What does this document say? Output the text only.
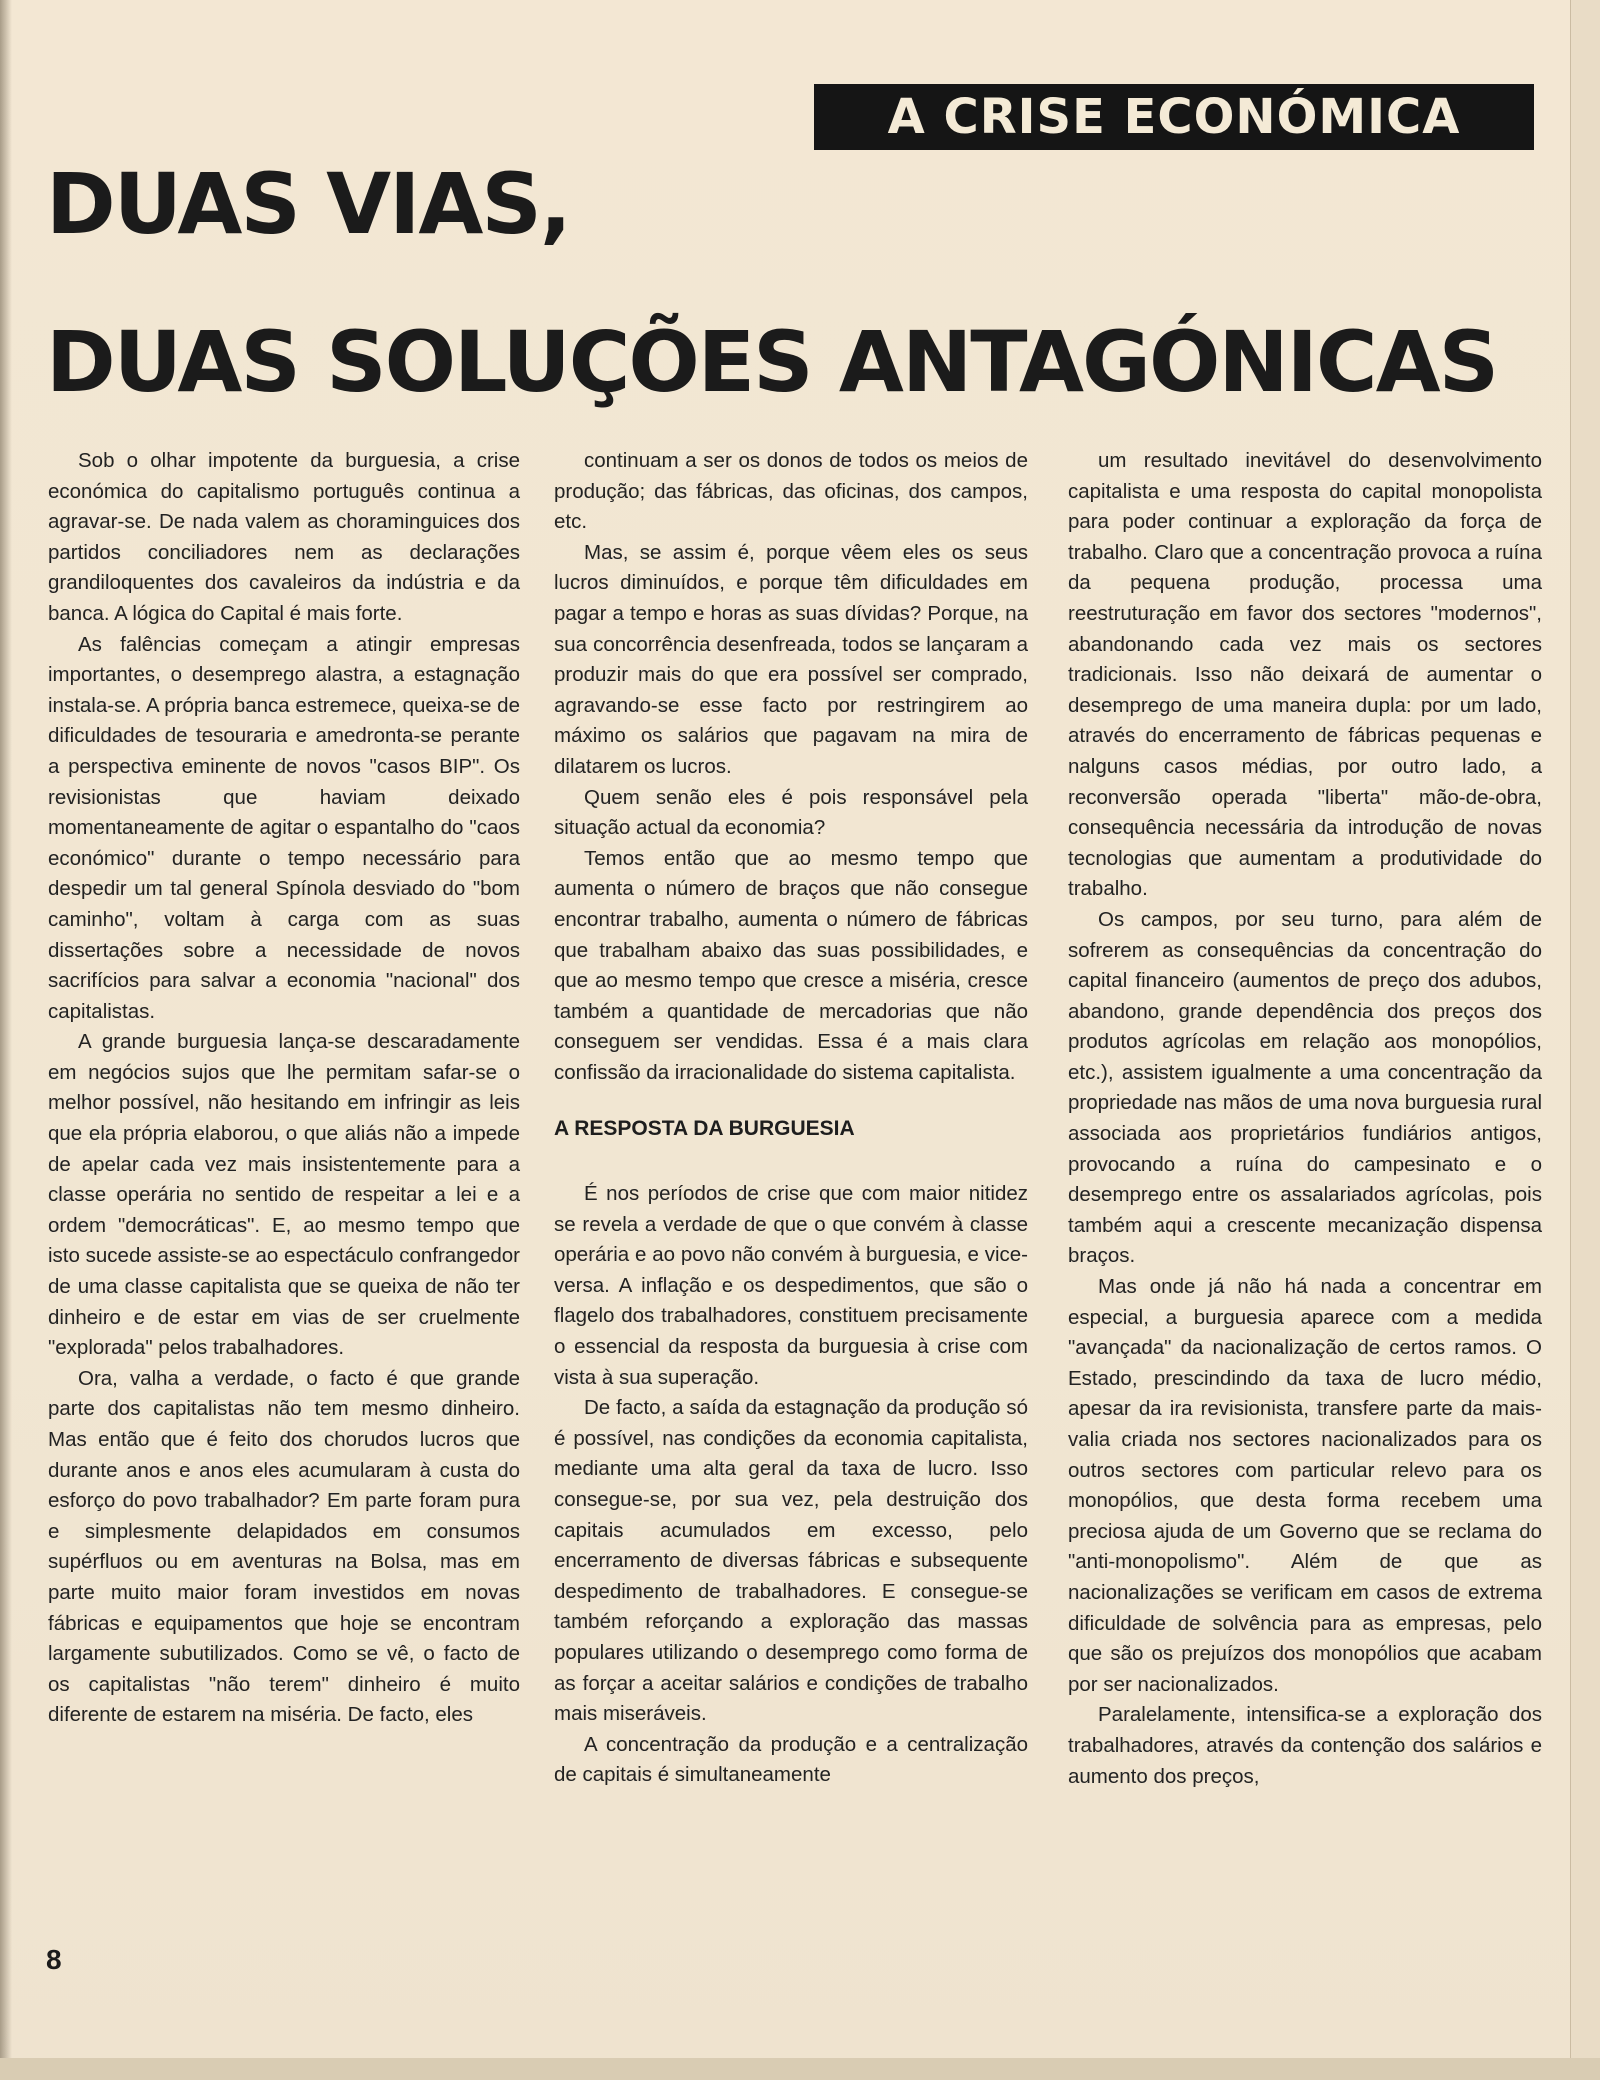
A CRISE ECONÓMICA
DUAS VIAS,
DUAS SOLUÇÕES ANTAGÓNICAS

Sob o olhar impotente da burguesia, a crise económica do capitalismo português continua a agravar-se. De nada valem as choraminguices dos partidos conciliadores nem as declarações grandiloquentes dos cavaleiros da indústria e da banca. A lógica do Capital é mais forte.

As falências começam a atingir empresas importantes, o desemprego alastra, a estagnação instala-se. A própria banca estremece, queixa-se de dificuldades de tesouraria e amedronta-se perante a perspectiva eminente de novos "casos BIP". Os revisionistas que haviam deixado momentaneamente de agitar o espantalho do "caos económico" durante o tempo necessário para despedir um tal general Spínola desviado do "bom caminho", voltam à carga com as suas dissertações sobre a necessidade de novos sacrifícios para salvar a economia "nacional" dos capitalistas.

A grande burguesia lança-se descaradamente em negócios sujos que lhe permitam safar-se o melhor possível, não hesitando em infringir as leis que ela própria elaborou, o que aliás não a impede de apelar cada vez mais insistentemente para a classe operária no sentido de respeitar a lei e a ordem "democráticas". E, ao mesmo tempo que isto sucede assiste-se ao espectáculo confrangedor de uma classe capitalista que se queixa de não ter dinheiro e de estar em vias de ser cruelmente "explorada" pelos trabalhadores.

Ora, valha a verdade, o facto é que grande parte dos capitalistas não tem mesmo dinheiro. Mas então que é feito dos chorudos lucros que durante anos e anos eles acumularam à custa do esforço do povo trabalhador? Em parte foram pura e simplesmente delapidados em consumos supérfluos ou em aventuras na Bolsa, mas em parte muito maior foram investidos em novas fábricas e equipamentos que hoje se encontram largamente subutilizados. Como se vê, o facto de os capitalistas "não terem" dinheiro é muito diferente de estarem na miséria. De facto, eles

continuam a ser os donos de todos os meios de produção; das fábricas, das oficinas, dos campos, etc.

Mas, se assim é, porque vêem eles os seus lucros diminuídos, e porque têm dificuldades em pagar a tempo e horas as suas dívidas? Porque, na sua concorrência desenfreada, todos se lançaram a produzir mais do que era possível ser comprado, agravando-se esse facto por restringirem ao máximo os salários que pagavam na mira de dilatarem os lucros.

Quem senão eles é pois responsável pela situação actual da economia?

Temos então que ao mesmo tempo que aumenta o número de braços que não consegue encontrar trabalho, aumenta o número de fábricas que trabalham abaixo das suas possibilidades, e que ao mesmo tempo que cresce a miséria, cresce também a quantidade de mercadorias que não conseguem ser vendidas. Essa é a mais clara confissão da irracionalidade do sistema capitalista.

A RESPOSTA DA BURGUESIA

É nos períodos de crise que com maior nitidez se revela a verdade de que o que convém à classe operária e ao povo não convém à burguesia, e vice-versa. A inflação e os despedimentos, que são o flagelo dos trabalhadores, constituem precisamente o essencial da resposta da burguesia à crise com vista à sua superação.

De facto, a saída da estagnação da produção só é possível, nas condições da economia capitalista, mediante uma alta geral da taxa de lucro. Isso consegue-se, por sua vez, pela destruição dos capitais acumulados em excesso, pelo encerramento de diversas fábricas e subsequente despedimento de trabalhadores. E consegue-se também reforçando a exploração das massas populares utilizando o desemprego como forma de as forçar a aceitar salários e condições de trabalho mais miseráveis.

A concentração da produção e a centralização de capitais é simultaneamente

um resultado inevitável do desenvolvimento capitalista e uma resposta do capital monopolista para poder continuar a exploração da força de trabalho. Claro que a concentração provoca a ruína da pequena produção, processa uma reestruturação em favor dos sectores "modernos", abandonando cada vez mais os sectores tradicionais. Isso não deixará de aumentar o desemprego de uma maneira dupla: por um lado, através do encerramento de fábricas pequenas e nalguns casos médias, por outro lado, a reconversão operada "liberta" mão-de-obra, consequência necessária da introdução de novas tecnologias que aumentam a produtividade do trabalho.

Os campos, por seu turno, para além de sofrerem as consequências da concentração do capital financeiro (aumentos de preço dos adubos, abandono, grande dependência dos preços dos produtos agrícolas em relação aos monopólios, etc.), assistem igualmente a uma concentração da propriedade nas mãos de uma nova burguesia rural associada aos proprietários fundiários antigos, provocando a ruína do campesinato e o desemprego entre os assalariados agrícolas, pois também aqui a crescente mecanização dispensa braços.

Mas onde já não há nada a concentrar em especial, a burguesia aparece com a medida "avançada" da nacionalização de certos ramos. O Estado, prescindindo da taxa de lucro médio, apesar da ira revisionista, transfere parte da mais-valia criada nos sectores nacionalizados para os outros sectores com particular relevo para os monopólios, que desta forma recebem uma preciosa ajuda de um Governo que se reclama do "anti-monopolismo". Além de que as nacionalizações se verificam em casos de extrema dificuldade de solvência para as empresas, pelo que são os prejuízos dos monopólios que acabam por ser nacionalizados.

Paralelamente, intensifica-se a exploração dos trabalhadores, através da contenção dos salários e aumento dos preços,

8
